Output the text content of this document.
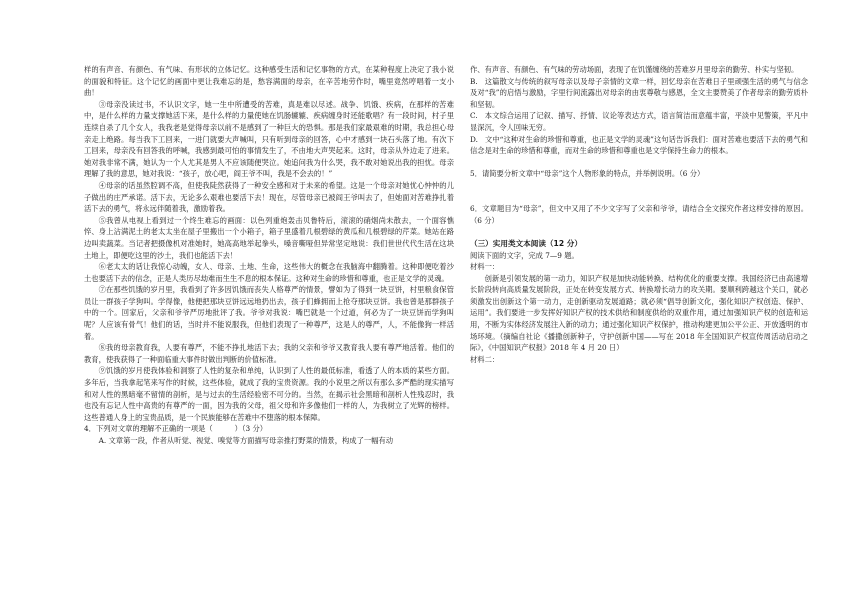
样的有声音、有颜色、有气味、有形状的立体记忆。这种感受生活和记忆事物的方式，在某种程度上决定了我小说的面貌和特征。这个记忆的画面中更让我难忘的是，愁容满面的母亲，在辛苦地劳作时，嘴里竟然哼唱着一支小曲！

③母亲没读过书，不认识文字，她一生中所遭受的苦难，真是难以尽述。战争、饥饿、疾病，在那样的苦难中，是什么样的力量支撑她活下来，是什么样的力量使她在饥肠辘辘、疾病缠身时还能歌唱？有一段时间，村子里连续自杀了几个女人，我我老是觉得母亲以前不是感到了一种巨大的恐惧。那是我们家最艰难的时期，我总担心母亲走上绝路。每当我下工回来，一进门就要大声喊叫，只有听到母亲的回答，心中才感到一块石头落了地。有次下工回来，母亲没有回答我的呼喊，我感到最可怕的事情发生了，不由地大声哭起来。这时，母亲从外边走了进来。她对我非常不满，她认为一个人尤其是男人不应该随便哭泣。她追问我为什么哭，我不敢对她说出我的担忧。母亲理解了我的意思，她对我说：“孩子，放心吧，阎王爷不叫，我是不会去的！”

④母亲的话虽然腔调不高，但使我陡然获得了一种安全感和对于未来的希望。这是一个母亲对她忧心忡忡的儿子做出的庄严承诺。活下去，无论多么艰难也要活下去！现在，尽管母亲已被阎王爷叫去了，但她面对苦难挣扎着活下去的勇气，将永远伴随着我，激励着我。

⑤我曾从电视上看到过一个终生难忘的画面：以色列重炮轰击贝鲁特后，滚滚的硝烟尚未散去，一个面容憔悴、身上沾满泥土的老太太坐在屋子里搬出一个小箱子，箱子里盛着几根碧绿的黄瓜和几根碧绿的芹菜。她站在路边叫卖蔬菜。当记者把摄像机对准她时，她高高地举起拳头，嗓音嘶哑但异常坚定地说：我们世世代代生活在这块土地上，即便吃这里的沙土，我们也能活下去！

⑥老太太的话让我惊心动魄，女人、母亲、土地、生命，这些伟大的概念在我脑海中翻腾着。这种即便吃着沙土也要活下去的信念，正是人类历尽劫难而生生不息的根本保证。这种对生命的珍惜和尊重，也正是文学的灵魂。

⑦在那些饥饿的岁月里，我看到了许多因饥饿而丧失人格尊严的情景，譬如为了得到一块豆饼，村里粮食保管员让一群孩子学狗叫。学得像，他便把那块豆饼远远地扔出去，孩子们蜂拥而上抢夺那块豆饼。我也曾是那群孩子中的一个。回家后，父亲和爷爷严厉地批评了我。爷爷对我说：嘴巴就是一个过道，何必为了一块豆饼而学狗叫呢？人应该有骨气！他们的话，当时并不能说服我，但他们表现了一种尊严，这是人的尊严，人，不能像狗一样活着。

⑧我的母亲教育我，人要有尊严，不能不挣扎地活下去；我的父亲和爷爷又教育我人要有尊严地活着。他们的教育，使我获得了一种面临重大事件时做出判断的价值标准。

⑨饥饿的岁月使我体验和洞察了人性的复杂和单纯，认识到了人性的最低标准，看透了人的本质的某些方面。多年后，当我拿起笔来写作的时候，这些体验，就成了我的宝贵资源。我的小说里之所以有那么多严酷的现实描写和对人性的黑暗毫不留情的剖析，是与过去的生活经验密不可分的。当然，在揭示社会黑暗和剖析人性残忍时，我也没有忘记人性中高贵的有尊严的一面，因为我的父母，祖父母和许多像他们一样的人，为我树立了光辉的榜样。这些普通人身上的宝贵品质，是一个民族能够在苦难中不堕落的根本保障。

4．下列对文章的理解不正确的一项是（　　　）（3 分）

A. 文章第一段，作者从听觉、视觉、嗅觉等方面描写母亲推打野菜的情景，构成了一幅有动

作、有声音、有颜色、有气味的劳动场面，表现了在饥馑缠绕的苦难岁月里母亲的勤劳、朴实与坚韧。

B. 这篇散文与传统的叙写母亲以及母子亲情的文章一样，回忆母亲在苦难日子里顽强生活的勇气与信念及对“我”的启悟与激励，字里行间流露出对母亲的由衷尊敬与感恩，全文主要赞美了作者母亲的勤劳质朴和坚韧。

C. 本文综合运用了记叙、描写、抒情、议论等表达方式，语言简洁而意蕴丰富，平淡中见警策，平凡中显深沉，令人回味无穷。

D. 文中“这种对生命的珍惜和尊重，也正是文学的灵魂”这句话告诉我们：面对苦难也要活下去的勇气和信念是对生命的珍惜和尊重，而对生命的珍惜和尊重也是文学保持生命力的根本。

5．请简要分析文章中“母亲”这个人物形象的特点，并举例说明。（6 分）

6．文章题目为“母亲”，但文中又用了不少文字写了父亲和爷爷，请结合全文探究作者这样安排的原因。（6 分）

（三）实用类文本阅读（12 分）

阅读下面的文字，完成 7—9 题。

材料一：

创新是引领发展的第一动力，知识产权是加快动能转换、结构优化的重要支撑。我国经济已由高速增长阶段转向高质量发展阶段，正处在转变发展方式、转换增长动力的攻关期。要顺利跨越这个关口，就必须激发出创新这个第一动力，走创新驱动发展道路；就必须“倡导创新文化，强化知识产权创造、保护、运用”。我们要进一步发挥好知识产权的技术供给和制度供给的双重作用，通过加强知识产权的创造和运用，不断为实体经济发展注入新的动力；通过强化知识产权保护，推动构建更加公平公正、开放透明的市场环境。（摘编自社论《播撒创新种子，守护创新中国——写在 2018 年全国知识产权宣传周活动启动之际》，《中国知识产权报》2018 年 4 月 20 日）

材料二：
